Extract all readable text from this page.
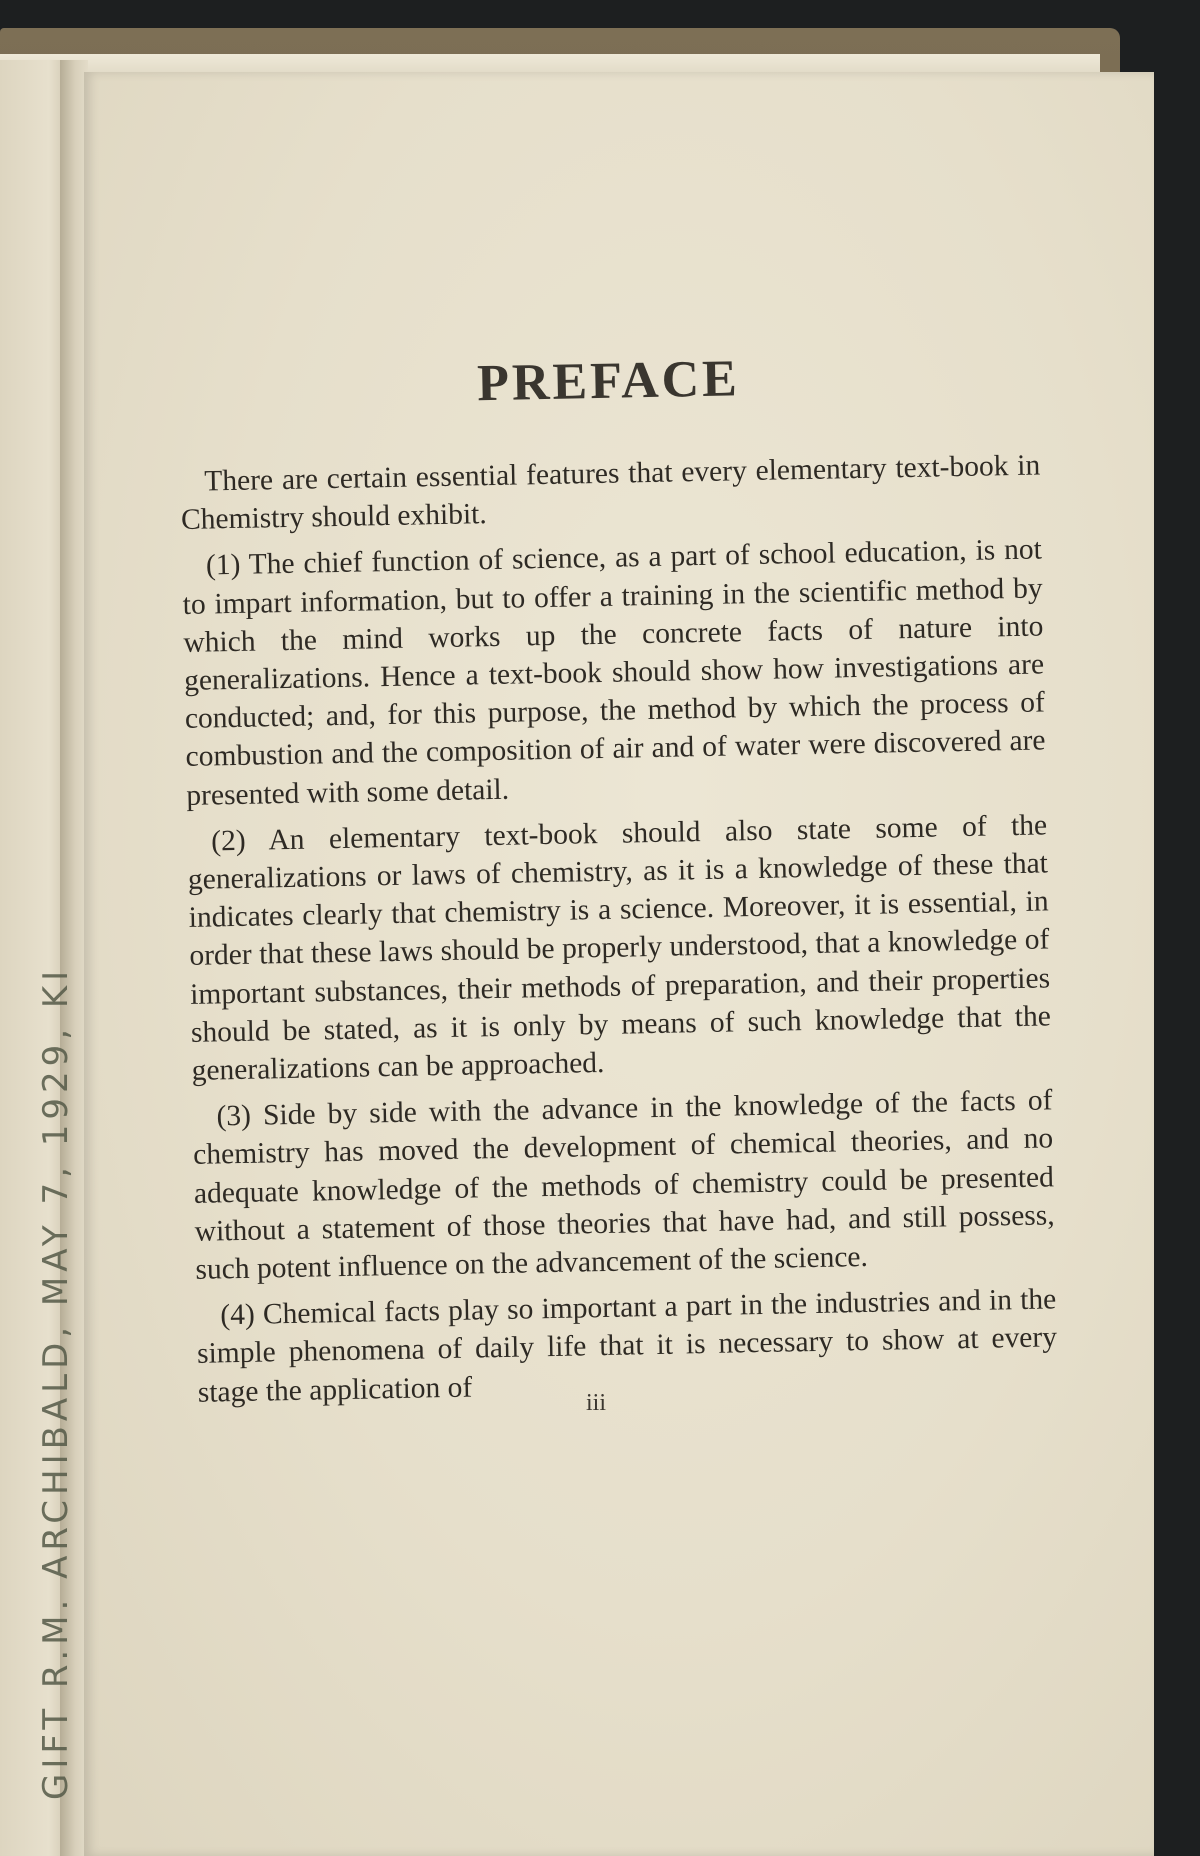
GIFT
PREFACE

There are certain essential features that every elementary text-book in Chemistry should exhibit.

(1) The chief function of science, as a part of school education, is not to impart information, but to offer a training in the scientific method by which the mind works up the concrete facts of nature into generalizations. Hence a text-book should show how investigations are conducted; and, for this purpose, the method by which the process of combustion and the composition of air and of water were discovered are presented with some detail.

(2) An elementary text-book should also state some of the generalizations or laws of chemistry, as it is a knowledge of these that indicates clearly that chemistry is a science. Moreover, it is essential, in order that these laws should be properly understood, that a knowledge of important substances, their methods of preparation, and their properties should be stated, as it is only by means of such knowledge that the generalizations can be approached.

(3) Side by side with the advance in the knowledge of the facts of chemistry has moved the development of chemical theories, and no adequate knowledge of the methods of chemistry could be presented without a statement of those theories that have had, and still possess, such potent influence on the advancement of the science.

(4) Chemical facts play so important a part in the industries and in the simple phenomena of daily life that it is necessary to show at every stage the application of	iii
